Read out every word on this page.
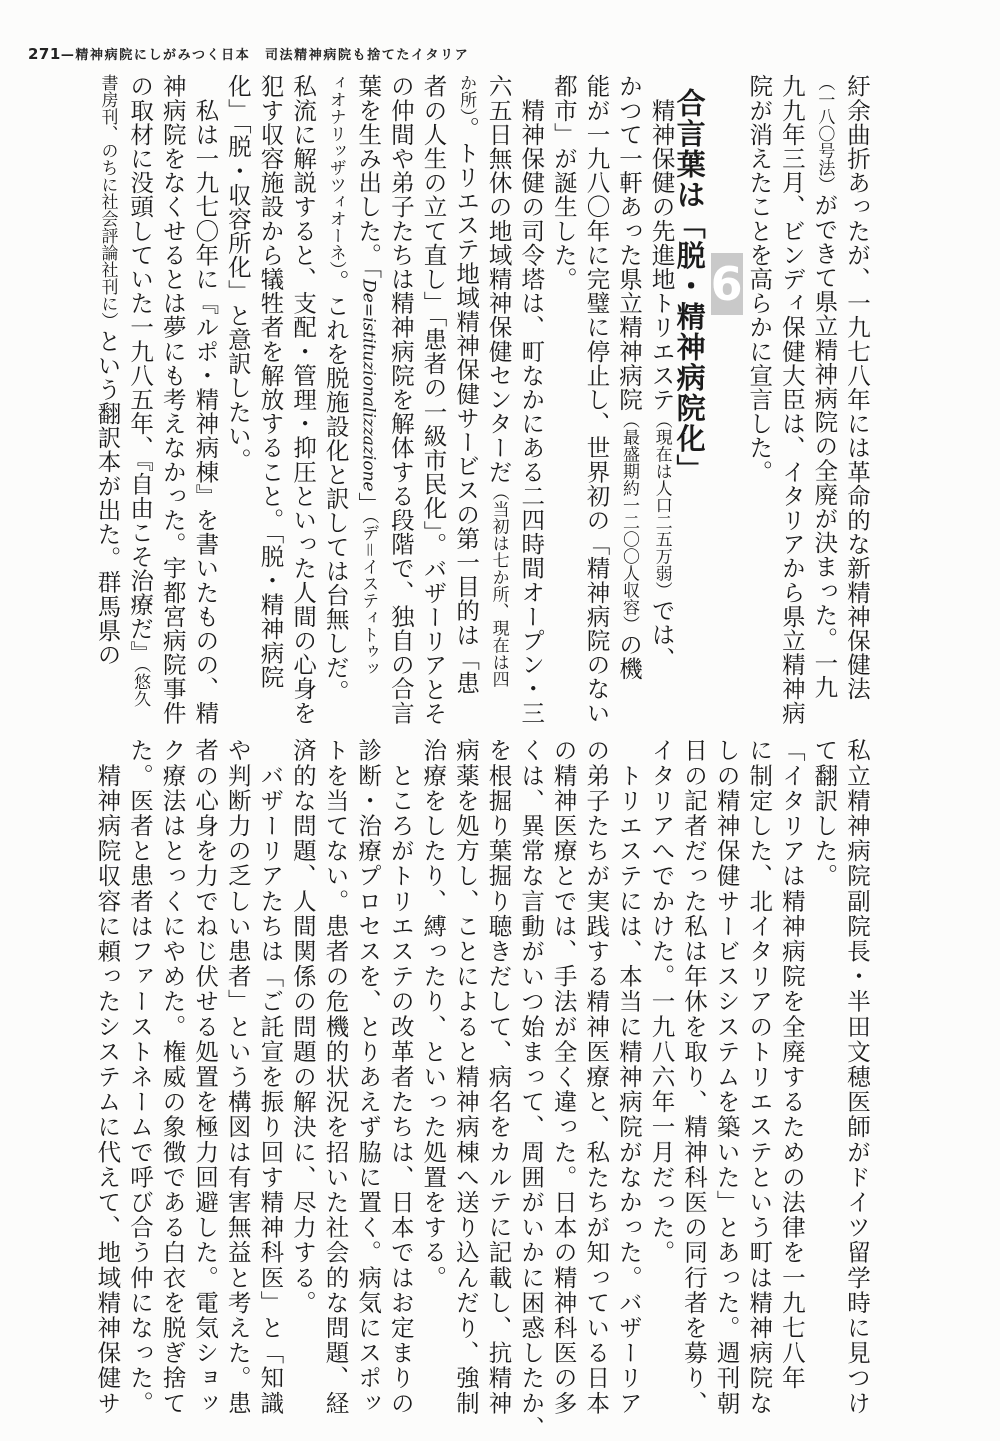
271—精神病院にしがみつく日本　司法精神病院も捨てたイタリア
紆余曲折あったが、一九七八年には革命的な新精神保健法
（一八〇号法）ができて県立精神病院の全廃が決まった。一九
九九年三月、ビンディ保健大臣は、イタリアから県立精神病
院が消えたことを高らかに宣言した。
6
合言葉は「脱・精神病院化」
　精神保健の先進地トリエステ（現在は人口二五万弱）では、
かつて一軒あった県立精神病院（最盛期約一二〇〇人収容）の機
能が一九八〇年に完璧に停止し、世界初の「精神病院のない
都市」が誕生した。
　精神保健の司令塔は、町なかにある二四時間オープン・三
六五日無休の地域精神保健センターだ（当初は七か所、現在は四
か所）。トリエステ地域精神保健サービスの第一目的は「患
者の人生の立て直し」「患者の一級市民化」。バザーリアとそ
の仲間や弟子たちは精神病院を解体する段階で、独自の合言
葉を生み出した。「De=istituzionalizzazione」（デ＝イスティトゥッ
ィオナリッザツィオーネ）。これを脱施設化と訳しては台無しだ。
私流に解説すると、支配・管理・抑圧といった人間の心身を
犯す収容施設から犠牲者を解放すること。「脱・精神病院
化」「脱・収容所化」と意訳したい。
　私は一九七〇年に『ルポ・精神病棟』を書いたものの、精
神病院をなくせるとは夢にも考えなかった。宇都宮病院事件
の取材に没頭していた一九八五年、『自由こそ治療だ』（悠久
書房刊、のちに社会評論社刊に）という翻訳本が出た。群馬県の
私立精神病院副院長・半田文穂医師がドイツ留学時に見つけ
て翻訳した。
「イタリアは精神病院を全廃するための法律を一九七八年
に制定した、北イタリアのトリエステという町は精神病院な
しの精神保健サービスシステムを築いた」とあった。週刊朝
日の記者だった私は年休を取り、精神科医の同行者を募り、
イタリアへでかけた。一九八六年一月だった。
　トリエステには、本当に精神病院がなかった。バザーリア
の弟子たちが実践する精神医療と、私たちが知っている日本
の精神医療とでは、手法が全く違った。日本の精神科医の多
くは、異常な言動がいつ始まって、周囲がいかに困惑したか、
を根掘り葉掘り聴きだして、病名をカルテに記載し、抗精神
病薬を処方し、ことによると精神病棟へ送り込んだり、強制
治療をしたり、縛ったり、といった処置をする。
　ところがトリエステの改革者たちは、日本ではお定まりの
診断・治療プロセスを、とりあえず脇に置く。病気にスポッ
トを当てない。患者の危機的状況を招いた社会的な問題、経
済的な問題、人間関係の問題の解決に、尽力する。
　バザーリアたちは「ご託宣を振り回す精神科医」と「知識
や判断力の乏しい患者」という構図は有害無益と考えた。患
者の心身を力でねじ伏せる処置を極力回避した。電気ショッ
ク療法はとっくにやめた。権威の象徴である白衣を脱ぎ捨て
た。医者と患者はファーストネームで呼び合う仲になった。
　精神病院収容に頼ったシステムに代えて、地域精神保健サ
